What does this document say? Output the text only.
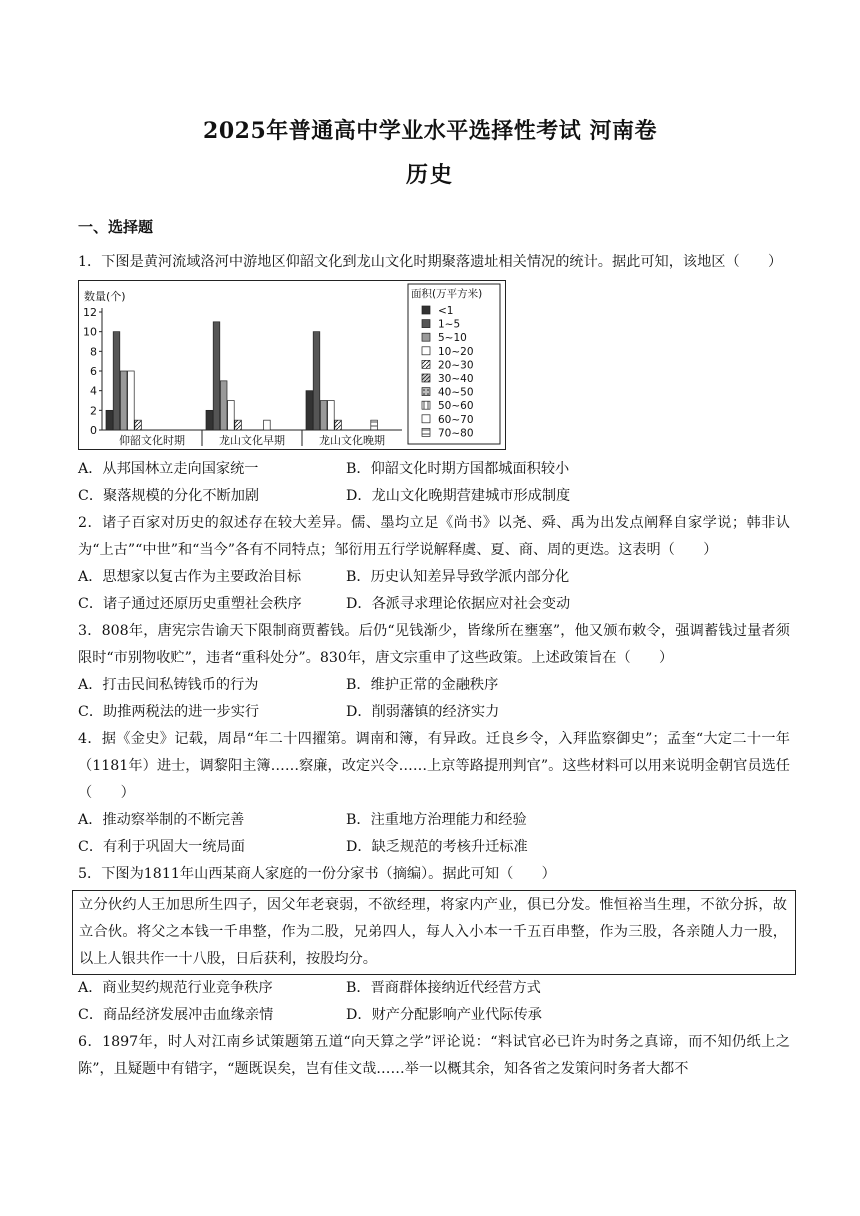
2025年普通高中学业水平选择性考试 河南卷
历史
一、选择题

1．下图是黄河流域洛河中游地区仰韶文化到龙山文化时期聚落遗址相关情况的统计。据此可知，该地区（　　）

数量(个)
0
2
4
6
8
10
12
仰韶文化时期	龙山文化早期	龙山文化晚期
面积(万平方米)
<1
1~5
5~10
10~20
20~30
30~40
40~50
50~60
60~70
70~80
A．从邦国林立走向国家统一	B．仰韶文化时期方国都城面积较小
C．聚落规模的分化不断加剧	D．龙山文化晚期营建城市形成制度

2．诸子百家对历史的叙述存在较大差异。儒、墨均立足《尚书》以尧、舜、禹为出发点阐释自家学说；韩非认为“上古”“中世”和“当今”各有不同特点；邹衍用五行学说解释虞、夏、商、周的更迭。这表明（　　）

A．思想家以复古作为主要政治目标	B．历史认知差异导致学派内部分化
C．诸子通过还原历史重塑社会秩序	D．各派寻求理论依据应对社会变动

3．808年，唐宪宗告谕天下限制商贾蓄钱。后仍“见钱渐少，皆缘所在壅塞”，他又颁布敕令，强调蓄钱过量者须限时“市别物收贮”，违者“重科处分”。830年，唐文宗重申了这些政策。上述政策旨在（　　）

A．打击民间私铸钱币的行为	B．维护正常的金融秩序
C．助推两税法的进一步实行	D．削弱藩镇的经济实力

4．据《金史》记载，周昂“年二十四擢第。调南和簿，有异政。迁良乡令，入拜监察御史”；孟奎“大定二十一年（1181年）进士，调黎阳主簿……察廉，改定兴令……上京等路提刑判官”。这些材料可以用来说明金朝官员选任（　　）

A．推动察举制的不断完善	B．注重地方治理能力和经验
C．有利于巩固大一统局面	D．缺乏规范的考核升迁标准

5．下图为1811年山西某商人家庭的一份分家书（摘编）。据此可知（　　）

立分伙约人王加思所生四子，因父年老衰弱，不欲经理，将家内产业，俱已分发。惟恒裕当生理，不欲分拆，故立合伙。将父之本钱一千串整，作为二股，兄弟四人，每人入小本一千五百串整，作为三股，各亲随人力一股，以上人银共作一十八股，日后获利，按股均分。

A．商业契约规范行业竞争秩序	B．晋商群体接纳近代经营方式
C．商品经济发展冲击血缘亲情	D．财产分配影响产业代际传承

6．1897年，时人对江南乡试策题第五道“向天算之学”评论说：“料试官必已许为时务之真谛，而不知仍纸上之陈”，且疑题中有错字，“题既误矣，岂有佳文哉……举一以概其余，知各省之发策问时务者大都不
